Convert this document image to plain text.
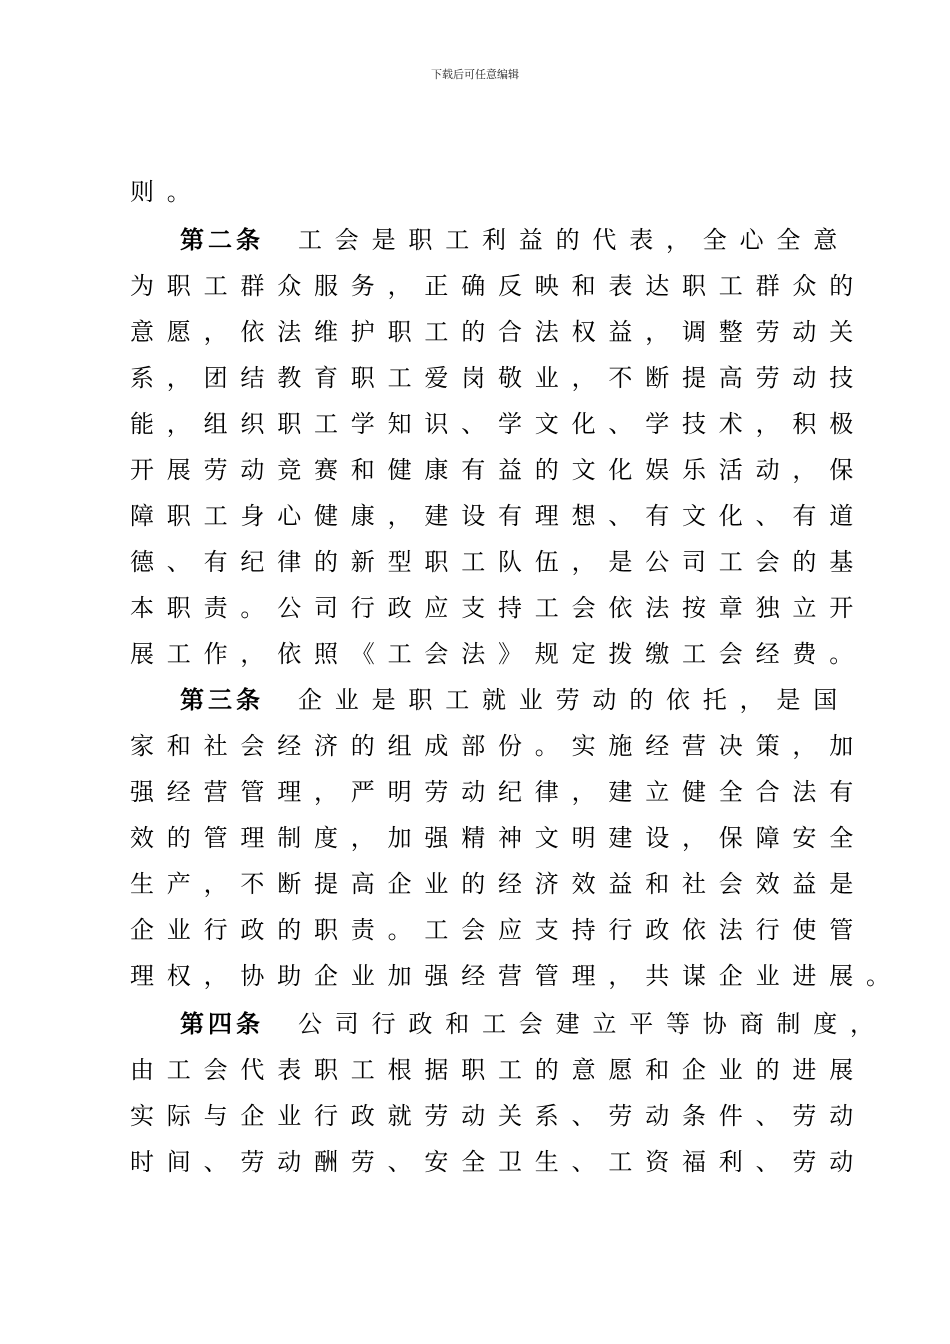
下载后可任意编辑
则。
第二条 工会是职工利益的代表，全心全意
为职工群众服务，正确反映和表达职工群众的
意愿，依法维护职工的合法权益，调整劳动关
系，团结教育职工爱岗敬业，不断提高劳动技
能，组织职工学知识、学文化、学技术，积极
开展劳动竞赛和健康有益的文化娱乐活动，保
障职工身心健康，建设有理想、有文化、有道
德、有纪律的新型职工队伍，是公司工会的基
本职责。公司行政应支持工会依法按章独立开
展工作，依照《工会法》规定拨缴工会经费。
第三条 企业是职工就业劳动的依托，是国
家和社会经济的组成部份。实施经营决策，加
强经营管理，严明劳动纪律，建立健全合法有
效的管理制度，加强精神文明建设，保障安全
生产，不断提高企业的经济效益和社会效益是
企业行政的职责。工会应支持行政依法行使管
理权，协助企业加强经营管理，共谋企业进展。
第四条 公司行政和工会建立平等协商制度，
由工会代表职工根据职工的意愿和企业的进展
实际与企业行政就劳动关系、劳动条件、劳动
时间、劳动酬劳、安全卫生、工资福利、劳动
